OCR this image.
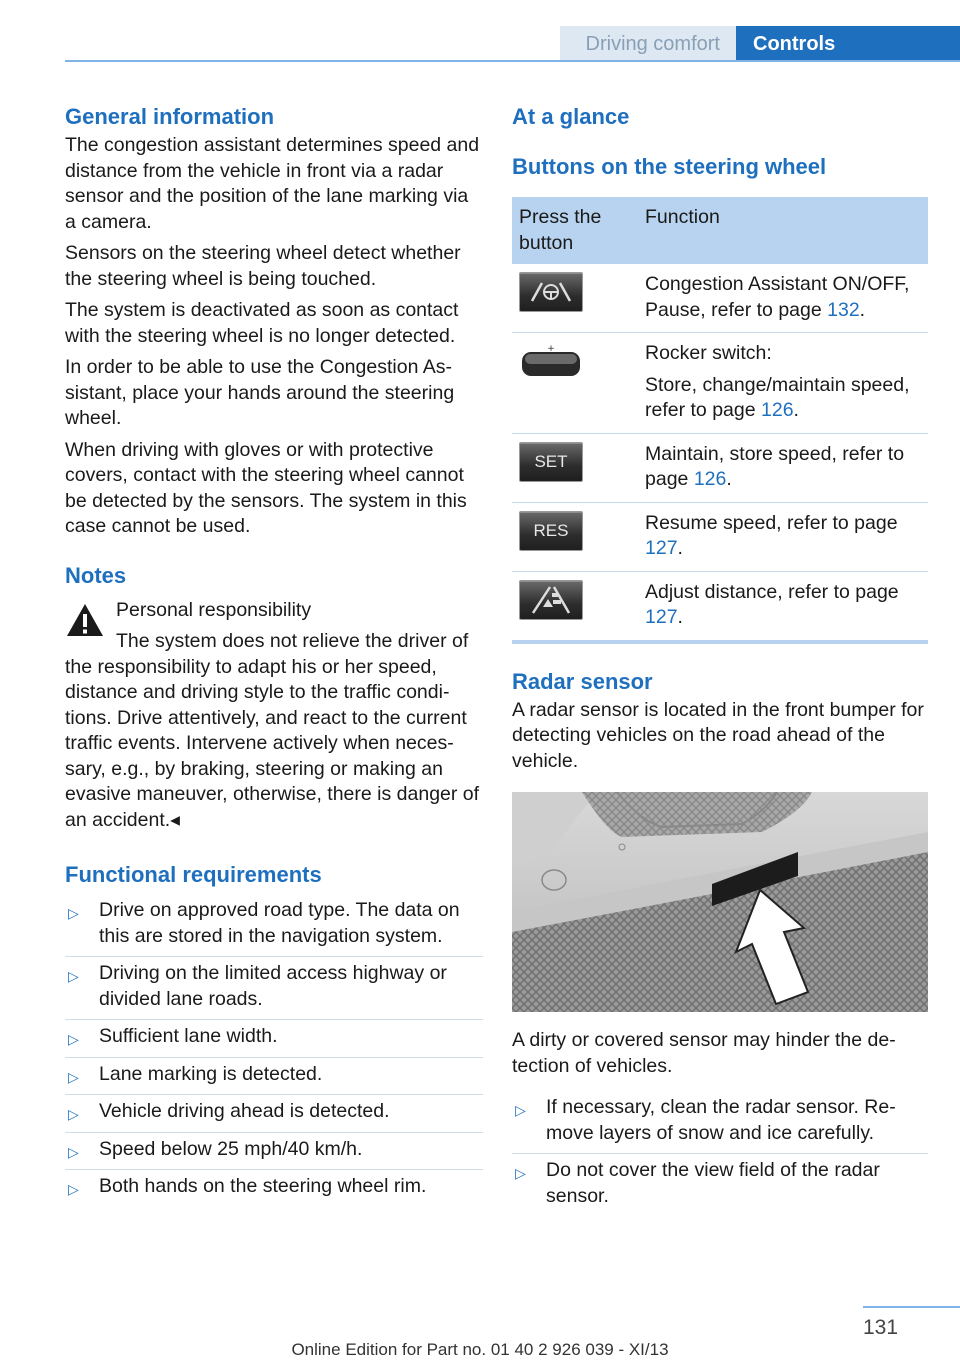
Driving comfort	Controls
General information

The congestion assistant determines speed and distance from the vehicle in front via a radar sensor and the position of the lane marking via a camera.

Sensors on the steering wheel detect whether the steering wheel is being touched.

The system is deactivated as soon as contact with the steering wheel is no longer detected.

In order to be able to use the Congestion Assistant, place your hands around the steering wheel.

When driving with gloves or with protective covers, contact with the steering wheel cannot be detected by the sensors. The system in this case cannot be used.

Notes
Personal responsibility
The system does not relieve the driver of the responsibility to adapt his or her speed, distance and driving style to the traffic conditions. Drive attentively, and react to the current traffic events. Intervene actively when necessary, e.g., by braking, steering or making an evasive maneuver, otherwise, there is danger of an accident.◂
Functional requirements
▷ Drive on approved road type. The data on this are stored in the navigation system.
▷ Driving on the limited access highway or divided lane roads.
▷ Sufficient lane width.
▷ Lane marking is detected.
▷ Vehicle driving ahead is detected.
▷ Speed below 25 mph/40 km/h.
▷ Both hands on the steering wheel rim.
At a glance
Buttons on the steering wheel
Press the button	Function

	Congestion Assistant ON/OFF, Pause, refer to page 132.

+	Rocker switch:
Store, change/maintain speed, refer to page 126.

SET	Maintain, store speed, refer to page 126.

RES	Resume speed, refer to page 127.

	Adjust distance, refer to page 127.
Radar sensor

A radar sensor is located in the front bumper for detecting vehicles on the road ahead of the vehicle.

A dirty or covered sensor may hinder the detection of vehicles.

▷ If necessary, clean the radar sensor. Remove layers of snow and ice carefully.
▷ Do not cover the view field of the radar sensor.
131
Online Edition for Part no. 01 40 2 926 039 - XI/13
